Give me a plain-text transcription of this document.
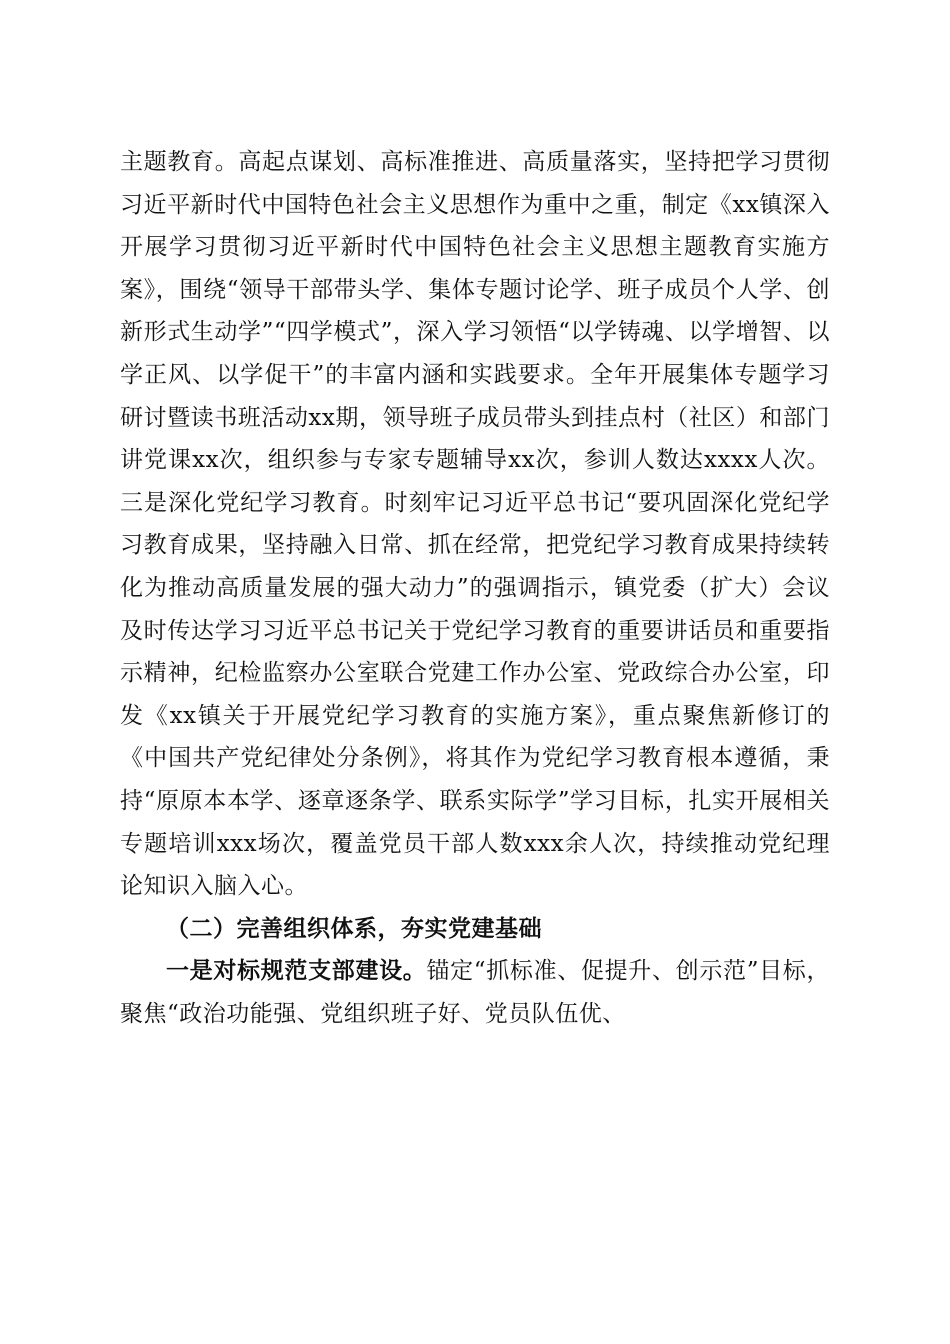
主题教育。高起点谋划、高标准推进、高质量落实，坚持把学习贯彻习近平新时代中国特色社会主义思想作为重中之重，制定《xx镇深入开展学习贯彻习近平新时代中国特色社会主义思想主题教育实施方案》，围绕“领导干部带头学、集体专题讨论学、班子成员个人学、创新形式生动学”“四学模式”，深入学习领悟“以学铸魂、以学增智、以学正风、以学促干”的丰富内涵和实践要求。全年开展集体专题学习研讨暨读书班活动xx期，领导班子成员带头到挂点村（社区）和部门讲党课xx次，组织参与专家专题辅导xx次，参训人数达xxxx人次。三是深化党纪学习教育。时刻牢记习近平总书记“要巩固深化党纪学习教育成果，坚持融入日常、抓在经常，把党纪学习教育成果持续转化为推动高质量发展的强大动力”的强调指示，镇党委（扩大）会议及时传达学习习近平总书记关于党纪学习教育的重要讲话员和重要指示精神，纪检监察办公室联合党建工作办公室、党政综合办公室，印发《xx镇关于开展党纪学习教育的实施方案》，重点聚焦新修订的《中国共产党纪律处分条例》，将其作为党纪学习教育根本遵循，秉持“原原本本学、逐章逐条学、联系实际学”学习目标，扎实开展相关专题培训xxx场次，覆盖党员干部人数xxx余人次，持续推动党纪理论知识入脑入心。

（二）完善组织体系，夯实党建基础

一是对标规范支部建设。锚定“抓标准、促提升、创示范”目标，聚焦“政治功能强、党组织班子好、党员队伍优、
